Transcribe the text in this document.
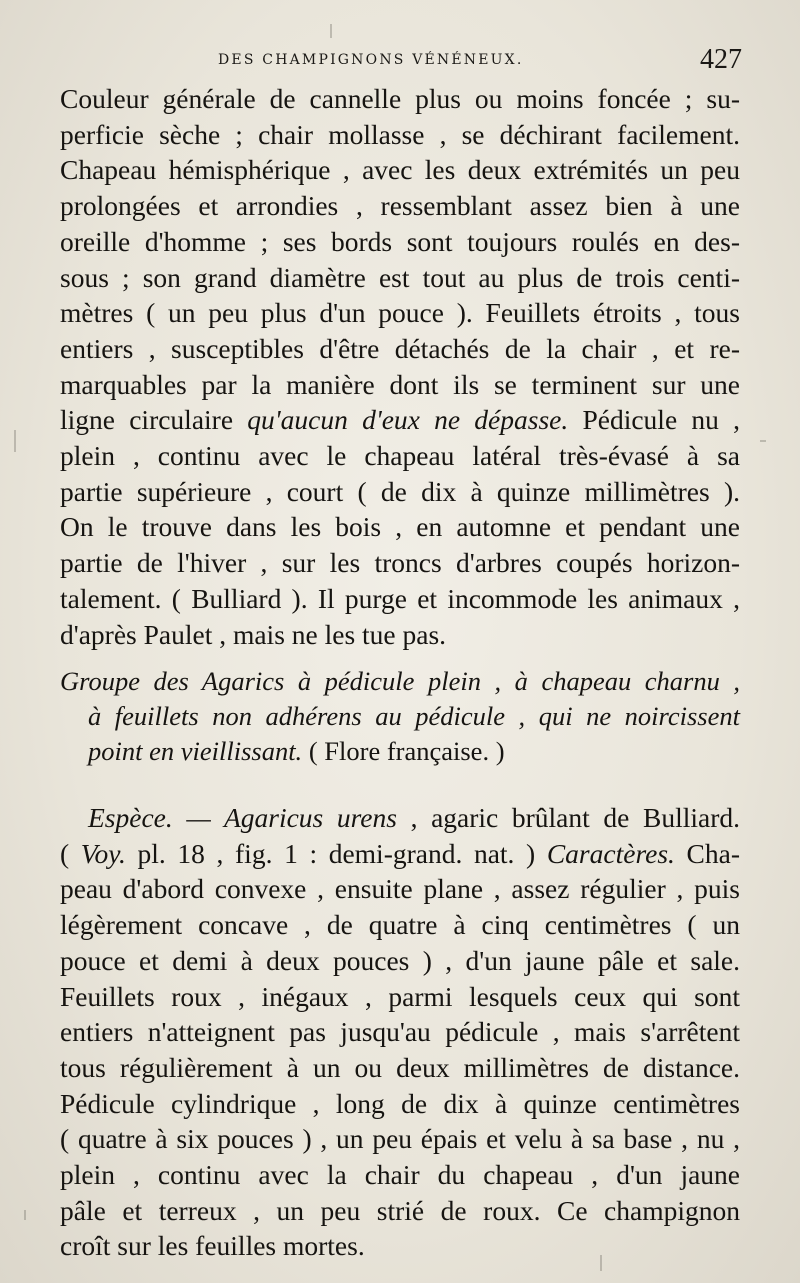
DES CHAMPIGNONS VÉNÉNEUX.	427
Couleur générale de cannelle plus ou moins foncée ; su-
perficie sèche ; chair mollasse , se déchirant facilement.
Chapeau hémisphérique , avec les deux extrémités un peu
prolongées et arrondies , ressemblant assez bien à une
oreille d'homme ; ses bords sont toujours roulés en des-
sous ; son grand diamètre est tout au plus de trois centi-
mètres ( un peu plus d'un pouce ). Feuillets étroits , tous
entiers , susceptibles d'être détachés de la chair , et re-
marquables par la manière dont ils se terminent sur une
ligne circulaire qu'aucun d'eux ne dépasse. Pédicule nu ,
plein , continu avec le chapeau latéral très-évasé à sa
partie supérieure , court ( de dix à quinze millimètres ).
On le trouve dans les bois , en automne et pendant une
partie de l'hiver , sur les troncs d'arbres coupés horizon-
talement. ( Bulliard ). Il purge et incommode les animaux ,
d'après Paulet , mais ne les tue pas.
Groupe des Agarics à pédicule plein , à chapeau charnu ,
à feuillets non adhérens au pédicule , qui ne noircissent
point en vieillissant. ( Flore française. )
Espèce. — Agaricus urens , agaric brûlant de Bulliard.
( Voy. pl. 18 , fig. 1 : demi-grand. nat. ) Caractères. Cha-
peau d'abord convexe , ensuite plane , assez régulier , puis
légèrement concave , de quatre à cinq centimètres ( un
pouce et demi à deux pouces ) , d'un jaune pâle et sale.
Feuillets roux , inégaux , parmi lesquels ceux qui sont
entiers n'atteignent pas jusqu'au pédicule , mais s'arrêtent
tous régulièrement à un ou deux millimètres de distance.
Pédicule cylindrique , long de dix à quinze centimètres
( quatre à six pouces ) , un peu épais et velu à sa base , nu ,
plein , continu avec la chair du chapeau , d'un jaune
pâle et terreux , un peu strié de roux. Ce champignon
croît sur les feuilles mortes.
